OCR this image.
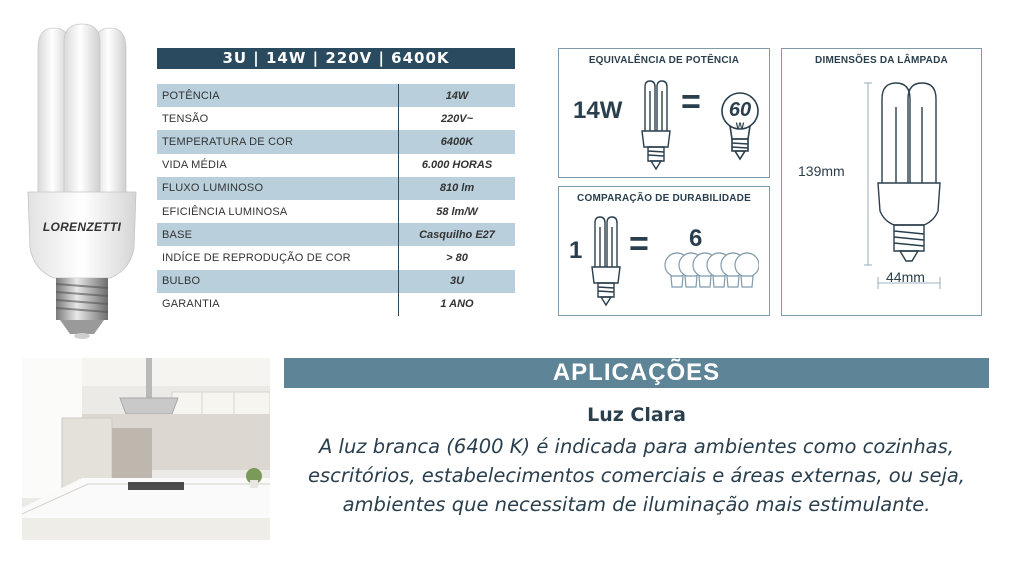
LORENZETTI
3U | 14W | 220V | 6400K
POTÊNCIA	14W
TENSÃO	220V~
TEMPERATURA DE COR	6400K
VIDA MÉDIA	6.000 HORAS
FLUXO LUMINOSO	810 lm
EFICIÊNCIA LUMINOSA	58 lm/W
BASE	Casquilho E27
INDÍCE DE REPRODUÇÃO DE COR	> 80
BULBO	3U
GARANTIA	1 ANO
EQUIVALÊNCIA DE POTÊNCIA
14W = 60
W
COMPARAÇÃO DE DURABILIDADE
1 = 6
DIMENSÕES DA LÂMPADA
139mm
44mm
APLICAÇÕES
Luz Clara
A luz branca (6400 K) é indicada para ambientes como cozinhas,
escritórios, estabelecimentos comerciais e áreas externas, ou seja,
ambientes que necessitam de iluminação mais estimulante.
